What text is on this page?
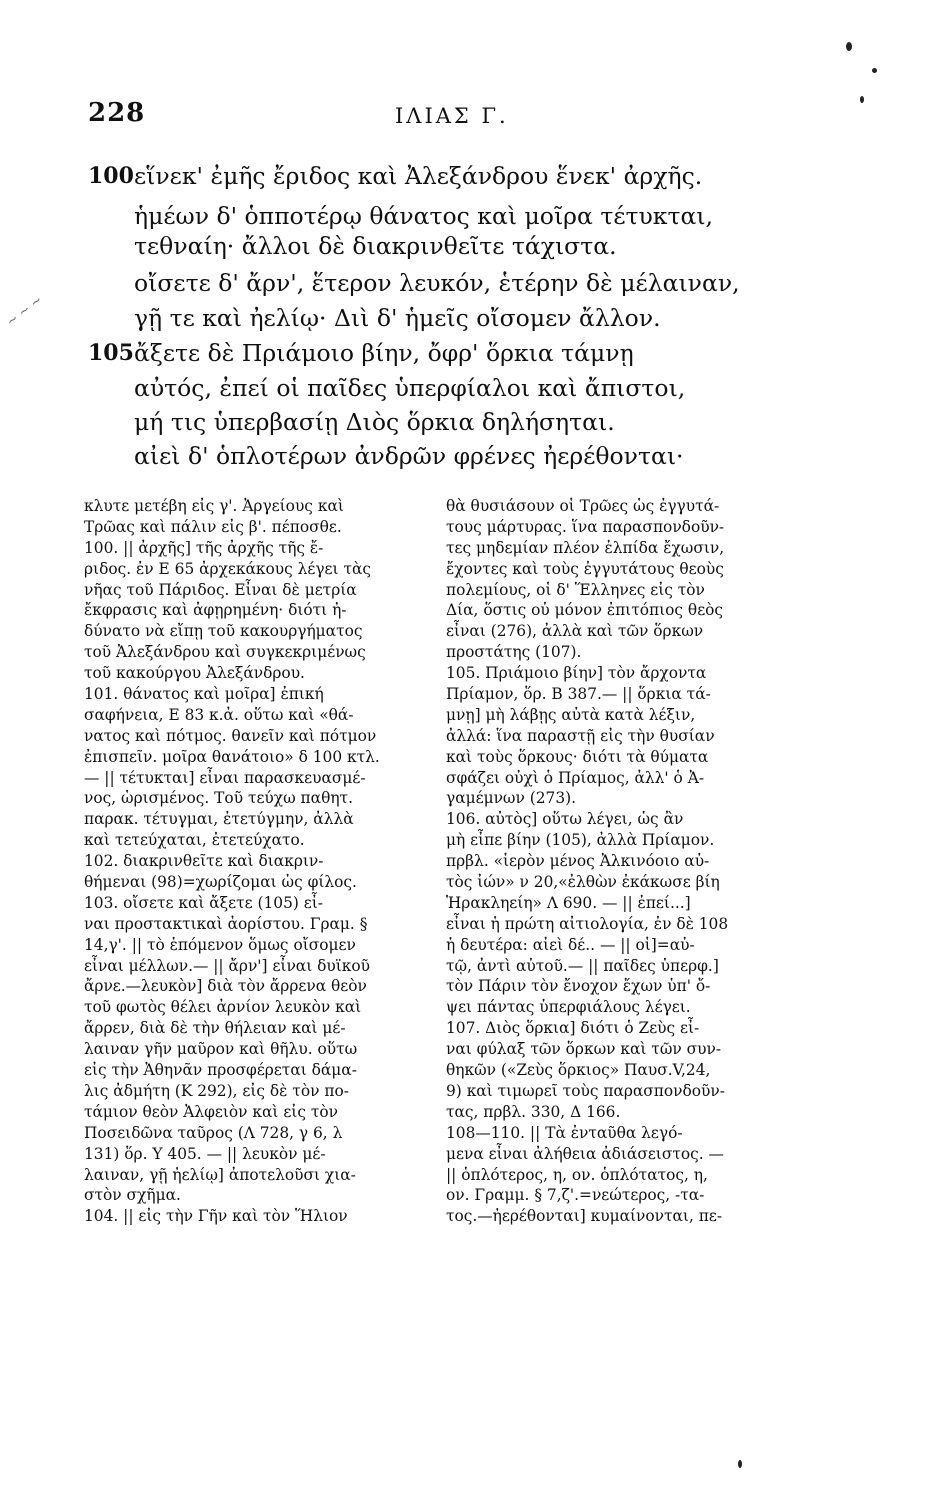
228	ΙΛΙΑΣ Γ.
~ ~ ~
100 εἵνεκ' ἐμῆς ἔριδος καὶ Ἀλεξάνδρου ἕνεκ' ἀρχῆς.
ἡμέων δ' ὁπποτέρῳ θάνατος καὶ μοῖρα τέτυκται,
τεθναίη· ἄλλοι δὲ διακρινθεῖτε τάχιστα.
οἴσετε δ' ἄρν', ἕτερον λευκόν, ἑτέρην δὲ μέλαιναν,
γῇ τε καὶ ἠελίῳ· Διὶ δ' ἡμεῖς οἴσομεν ἄλλον.
105 ἄξετε δὲ Πριάμοιο βίην, ὄφρ' ὅρκια τάμνῃ
αὐτός, ἐπεί οἱ παῖδες ὑπερφίαλοι καὶ ἄπιστοι,
μή τις ὑπερβασίῃ Διὸς ὅρκια δηλήσηται.
αἰεὶ δ' ὁπλοτέρων ἀνδρῶν φρένες ἠερέθονται·
κλυτε μετέβη εἰς γ'. Ἀργείους καὶ
Τρῶας καὶ πάλιν εἰς β'. πέποσθε.
100. || ἀρχῆς] τῆς ἀρχῆς τῆς ἔ-
ριδος. ἐν Ε 65 ἀρχεκάκους λέγει τὰς
νῆας τοῦ Πάριδος. Εἶναι δὲ μετρία
ἔκφρασις καὶ ἀφῃρημένη· διότι ἠ-
δύνατο νὰ εἴπῃ τοῦ κακουργήματος
τοῦ Ἀλεξάνδρου καὶ συγκεκριμένως
τοῦ κακούργου Ἀλεξάνδρου.
101. θάνατος καὶ μοῖρα] ἐπική
σαφήνεια, Ε 83 κ.ἀ. οὕτω καὶ «θά-
νατος καὶ πότμος. θανεῖν καὶ πότμον
ἐπισπεῖν. μοῖρα θανάτοιο» δ 100 κτλ.
— || τέτυκται] εἶναι παρασκευασμέ-
νος, ὡρισμένος. Τοῦ τεύχω παθητ.
παρακ. τέτυγμαι, ἐτετύγμην, ἀλλὰ
καὶ τετεύχαται, ἐτετεύχατο.
102. διακρινθεῖτε καὶ διακριν-
θήμεναι (98)=χωρίζομαι ὡς φίλος.
103. οἴσετε καὶ ἄξετε (105) εἶ-
ναι προστακτικαὶ ἀορίστου. Γραμ. §
14,γ'. || τὸ ἑπόμενον ὅμως οἴσομεν
εἶναι μέλλων.— || ἄρν'] εἶναι δυϊκοῦ
ἄρνε.—λευκὸν] διὰ τὸν ἄρρενα θεὸν
τοῦ φωτὸς θέλει ἀρνίον λευκὸν καὶ
ἄρρεν, διὰ δὲ τὴν θήλειαν καὶ μέ-
λαιναν γῆν μαῦρον καὶ θῆλυ. οὕτω
εἰς τὴν Ἀθηνᾶν προσφέρεται δάμα-
λις ἀδμήτη (Κ 292), εἰς δὲ τὸν πο-
τάμιον θεὸν Ἀλφειὸν καὶ εἰς τὸν
Ποσειδῶνα ταῦρος (Λ 728, γ 6, λ
131) ὅρ. Υ 405. — || λευκὸν μέ-
λαιναν, γῇ ἠελίῳ] ἀποτελοῦσι χια-
στὸν σχῆμα.
104. || εἰς τὴν Γῆν καὶ τὸν Ἥλιον
θὰ θυσιάσουν οἱ Τρῶες ὡς ἐγγυτά-
τους μάρτυρας. ἵνα παρασπονδοῦν-
τες μηδεμίαν πλέον ἐλπίδα ἔχωσιν,
ἔχοντες καὶ τοὺς ἐγγυτάτους θεοὺς
πολεμίους, οἱ δ' Ἕλληνες εἰς τὸν
Δία, ὅστις οὐ μόνον ἐπιτόπιος θεὸς
εἶναι (276), ἀλλὰ καὶ τῶν ὅρκων
προστάτης (107).
105. Πριάμοιο βίην] τὸν ἄρχοντα
Πρίαμον, ὅρ. Β 387.— || ὅρκια τά-
μνῃ] μὴ λάβῃς αὐτὰ κατὰ λέξιν,
ἀλλά: ἵνα παραστῇ εἰς τὴν θυσίαν
καὶ τοὺς ὅρκους· διότι τὰ θύματα
σφάζει οὐχὶ ὁ Πρίαμος, ἀλλ' ὁ Ἀ-
γαμέμνων (273).
106. αὐτὸς] οὕτω λέγει, ὡς ἂν
μὴ εἶπε βίην (105), ἀλλὰ Πρίαμον.
πρβλ. «ἱερὸν μένος Ἀλκινόοιο αὐ-
τὸς ἰών» ν 20,«ἐλθὼν ἐκάκωσε βίη
Ἡρακληείη» Λ 690. — || ἐπεί...]
εἶναι ἡ πρώτη αἰτιολογία, ἐν δὲ 108
ἡ δευτέρα: αἰεὶ δέ.. — || οἱ]=αὐ-
τῷ, ἀντὶ αὐτοῦ.— || παῖδες ὑπερφ.]
τὸν Πάριν τὸν ἔνοχον ἔχων ὑπ' ὄ-
ψει πάντας ὑπερφιάλους λέγει.
107. Διὸς ὅρκια] διότι ὁ Ζεὺς εἶ-
ναι φύλαξ τῶν ὅρκων καὶ τῶν συν-
θηκῶν («Ζεὺς ὅρκιος» Παυσ.V,24,
9) καὶ τιμωρεῖ τοὺς παρασπονδοῦν-
τας, πρβλ. 330, Δ 166.
108—110. || Τὰ ἐνταῦθα λεγό-
μενα εἶναι ἀλήθεια ἀδιάσειστος. —
|| ὁπλότερος, η, ον. ὁπλότατος, η,
ον. Γραμμ. § 7,ζ'.=νεώτερος, -τα-
τος.—ἠερέθονται] κυμαίνονται, πε-
